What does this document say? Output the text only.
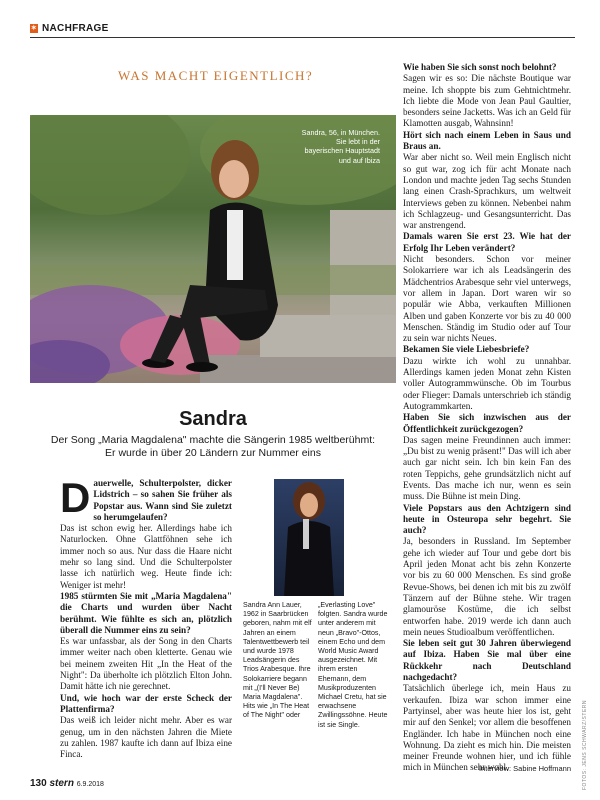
✶ NACHFRAGE
WAS MACHT EIGENTLICH?
Sandra, 56, in München. Sie lebt in der bayerischen Hauptstadt und auf Ibiza
Sandra
Der Song „Maria Magdalena" machte die Sängerin 1985 weltberühmt: Er wurde in über 20 Ländern zur Nummer eins

D auerwelle, Schulterpolster, dicker Lidstrich – so sahen Sie früher als Popstar aus. Wann sind Sie zuletzt so herumgelaufen?

Das ist schon ewig her. Allerdings habe ich Naturlocken. Ohne Glattföhnen sehe ich immer noch so aus. Nur dass die Haare nicht mehr so lang sind. Und die Schulterpolster lasse ich natürlich weg. Heute finde ich: Weniger ist mehr!

1985 stürmten Sie mit „Maria Magdalena" die Charts und wurden über Nacht berühmt. Wie fühlte es sich an, plötzlich überall die Nummer eins zu sein?

Es war unfassbar, als der Song in den Charts immer weiter nach oben kletterte. Genau wie bei meinem zweiten Hit „In the Heat of the Night": Da überholte ich plötzlich Elton John. Damit hätte ich nie gerechnet.

Und, wie hoch war der erste Scheck der Plattenfirma?

Das weiß ich leider nicht mehr. Aber es war genug, um in den nächsten Jahren die Miete zu zahlen. 1987 kaufte ich dann auf Ibiza eine Finca.

Sandra Ann Lauer, 1962 in Saarbrücken geboren, nahm mit elf Jahren an einem Talentwettbewerb teil und wurde 1978 Leadsängerin des Trios Arabesque. Ihre Solokarriere begann mit „(I'll Never Be) Maria Magdalena". Hits wie „In The Heat of The Night" oder
„Everlasting Love" folgten. Sandra wurde unter anderem mit neun „Bravo"-Ottos, einem Echo und dem World Music Award ausgezeichnet. Mit ihrem ersten Ehemann, dem Musikproduzenten Michael Cretu, hat sie erwachsene Zwillingssöhne. Heute ist sie Single.

Wie haben Sie sich sonst noch belohnt?

Sagen wir es so: Die nächste Boutique war meine. Ich shoppte bis zum Gehtnichtmehr. Ich liebte die Mode von Jean Paul Gaultier, besonders seine Jacketts. Was ich an Geld für Klamotten ausgab, Wahnsinn!

Hört sich nach einem Leben in Saus und Braus an.

War aber nicht so. Weil mein Englisch nicht so gut war, zog ich für acht Monate nach London und machte jeden Tag sechs Stunden lang einen Crash-Sprachkurs, um weltweit Interviews geben zu können. Nebenbei nahm ich Schlagzeug- und Gesangsunterricht. Das war anstrengend.

Damals waren Sie erst 23. Wie hat der Erfolg Ihr Leben verändert?

Nicht besonders. Schon vor meiner Solokarriere war ich als Leadsängerin des Mädchentrios Arabesque sehr viel unterwegs, vor allem in Japan. Dort waren wir so populär wie Abba, verkauften Millionen Alben und gaben Konzerte vor bis zu 40 000 Menschen. Ständig im Studio oder auf Tour zu sein war nichts Neues.

Bekamen Sie viele Liebesbriefe?

Dazu wirkte ich wohl zu unnahbar. Allerdings kamen jeden Monat zehn Kisten voller Autogrammwünsche. Ob im Tourbus oder Flieger: Damals unterschrieb ich ständig Autogrammkarten.

Haben Sie sich inzwischen aus der Öffentlichkeit zurückgezogen?

Das sagen meine Freundinnen auch immer: „Du bist zu wenig präsent!" Das will ich aber auch gar nicht sein. Ich bin kein Fan des roten Teppichs, gehe grundsätzlich nicht auf Events. Das mache ich nur, wenn es sein muss. Die Bühne ist mein Ding.

Viele Popstars aus den Achtzigern sind heute in Osteuropa sehr begehrt. Sie auch?

Ja, besonders in Russland. Im September gehe ich wieder auf Tour und gebe dort bis April jeden Monat acht bis zehn Konzerte vor bis zu 60 000 Menschen. Es sind große Revue-Shows, bei denen ich mit bis zu zwölf Tänzern auf der Bühne stehe. Wir tragen glamouröse Kostüme, die ich selbst entworfen habe. 2019 werde ich dann auch mein neues Studioalbum veröffentlichen.

Sie leben seit gut 30 Jahren überwiegend auf Ibiza. Haben Sie mal über eine Rückkehr nach Deutschland nachgedacht?

Tatsächlich überlege ich, mein Haus zu verkaufen. Ibiza war schon immer eine Partyinsel, aber was heute hier los ist, geht mir auf den Senkel; vor allem die besoffenen Engländer. Ich habe in München noch eine Wohnung. Da zieht es mich hin. Die meisten meiner Freunde wohnen hier, und ich fühle mich in München sehr wohl.

Interview: Sabine Hoffmann FOTOS: JENS SCHWARZ/STERN
130 stern 6.9.2018
